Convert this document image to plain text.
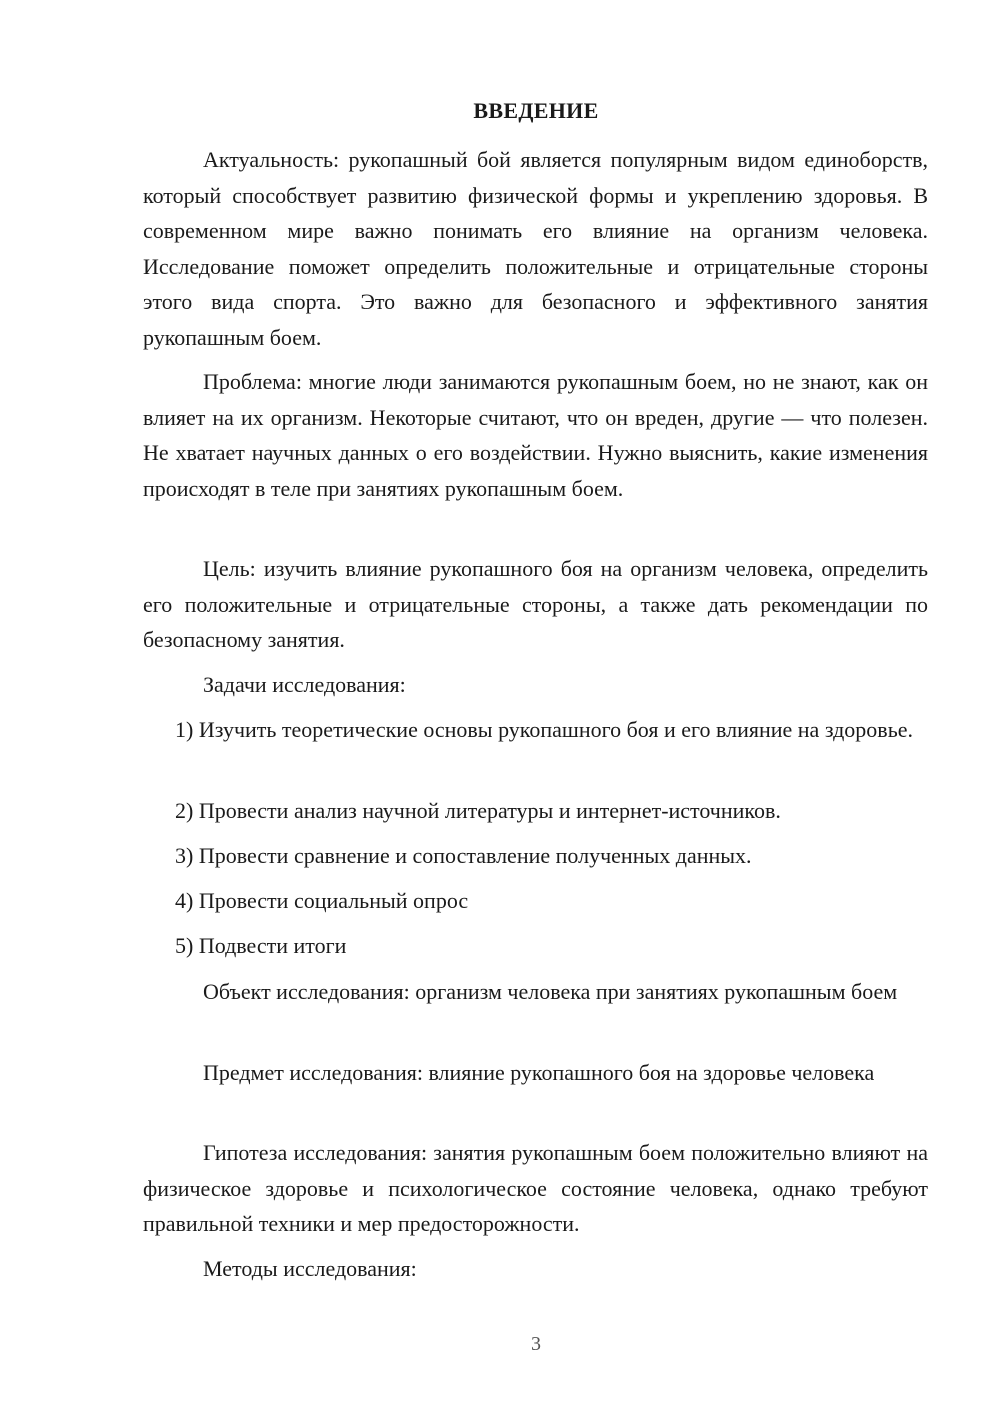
ВВЕДЕНИЕ

Актуальность: рукопашный бой является популярным видом единоборств, который способствует развитию физической формы и укреплению здоровья. В современном мире важно понимать его влияние на организм человека. Исследование поможет определить положительные и отрицательные стороны этого вида спорта. Это важно для безопасного и эффективного занятия рукопашным боем.

Проблема: многие люди занимаются рукопашным боем, но не знают, как он влияет на их организм. Некоторые считают, что он вреден, другие — что полезен. Не хватает научных данных о его воздействии. Нужно выяснить, какие изменения происходят в теле при занятиях рукопашным боем.

Цель: изучить влияние рукопашного боя на организм человека, определить его положительные и отрицательные стороны, а также дать рекомендации по безопасному занятия.

Задачи исследования:

1) Изучить теоретические основы рукопашного боя и его влияние на здоровье.

2) Провести анализ научной литературы и интернет-источников.

3) Провести сравнение и сопоставление полученных данных.

4) Провести социальный опрос

5) Подвести итоги

Объект исследования: организм человека при занятиях рукопашным боем

Предмет исследования: влияние рукопашного боя на здоровье человека

Гипотеза исследования: занятия рукопашным боем положительно влияют на физическое здоровье и психологическое состояние человека, однако требуют правильной техники и мер предосторожности.

Методы исследования:

3
